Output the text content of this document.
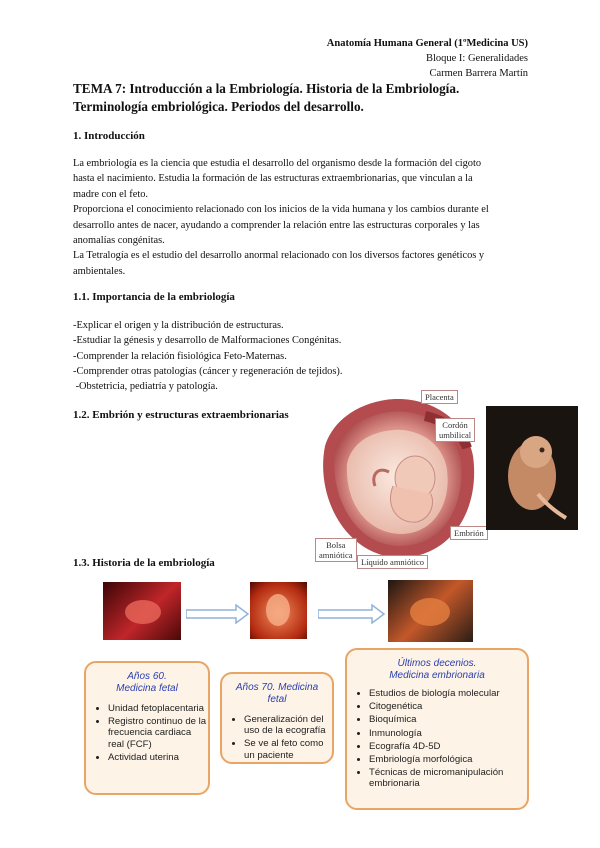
Anatomía Humana General (1ºMedicina US)
Bloque I: Generalidades
Carmen Barrera Martín
TEMA 7: Introducción a la Embriología. Historia de la Embriología.
Terminología embriológica. Periodos del desarrollo.
1. Introducción
La embriología es la ciencia que estudia el desarrollo del organismo desde la formación del cigoto
hasta el nacimiento. Estudia la formación de las estructuras extraembrionarias, que vinculan a la
madre con el feto.
Proporciona el conocimiento relacionado con los inicios de la vida humana y los cambios durante el
desarrollo antes de nacer, ayudando a comprender la relación entre las estructuras corporales y las
anomalías congénitas.
La Tetralogía es el estudio del desarrollo anormal relacionado con los diversos factores genéticos y
ambientales.
1.1. Importancia de la embriología
-Explicar el origen y la distribución de estructuras.
-Estudiar la génesis y desarrollo de Malformaciones Congénitas.
-Comprender la relación fisiológica Feto-Maternas.
-Comprender otras patologías (cáncer y regeneración de tejidos).
-Obstetricia, pediatría y patología.
1.2. Embrión y estructuras extraembrionarias
Placenta
Cordón
umbilical
Bolsa
amniótica
Líquido amniótico
Embrión
1.3. Historia de la embriología
Años 60.
Medicina fetal
• Unidad fetoplacentaria
• Registro continuo de la frecuencia cardiaca real (FCF)
• Actividad uterina
Años 70. Medicina
fetal
• Generalización del uso de la ecografía
• Se ve al feto como un paciente
Últimos decenios.
Medicina embrionaria
• Estudios de biología molecular
• Citogenética
• Bioquímica
• Inmunología
• Ecografía 4D-5D
• Embriología morfológica
• Técnicas de micromanipulación embrionaria
